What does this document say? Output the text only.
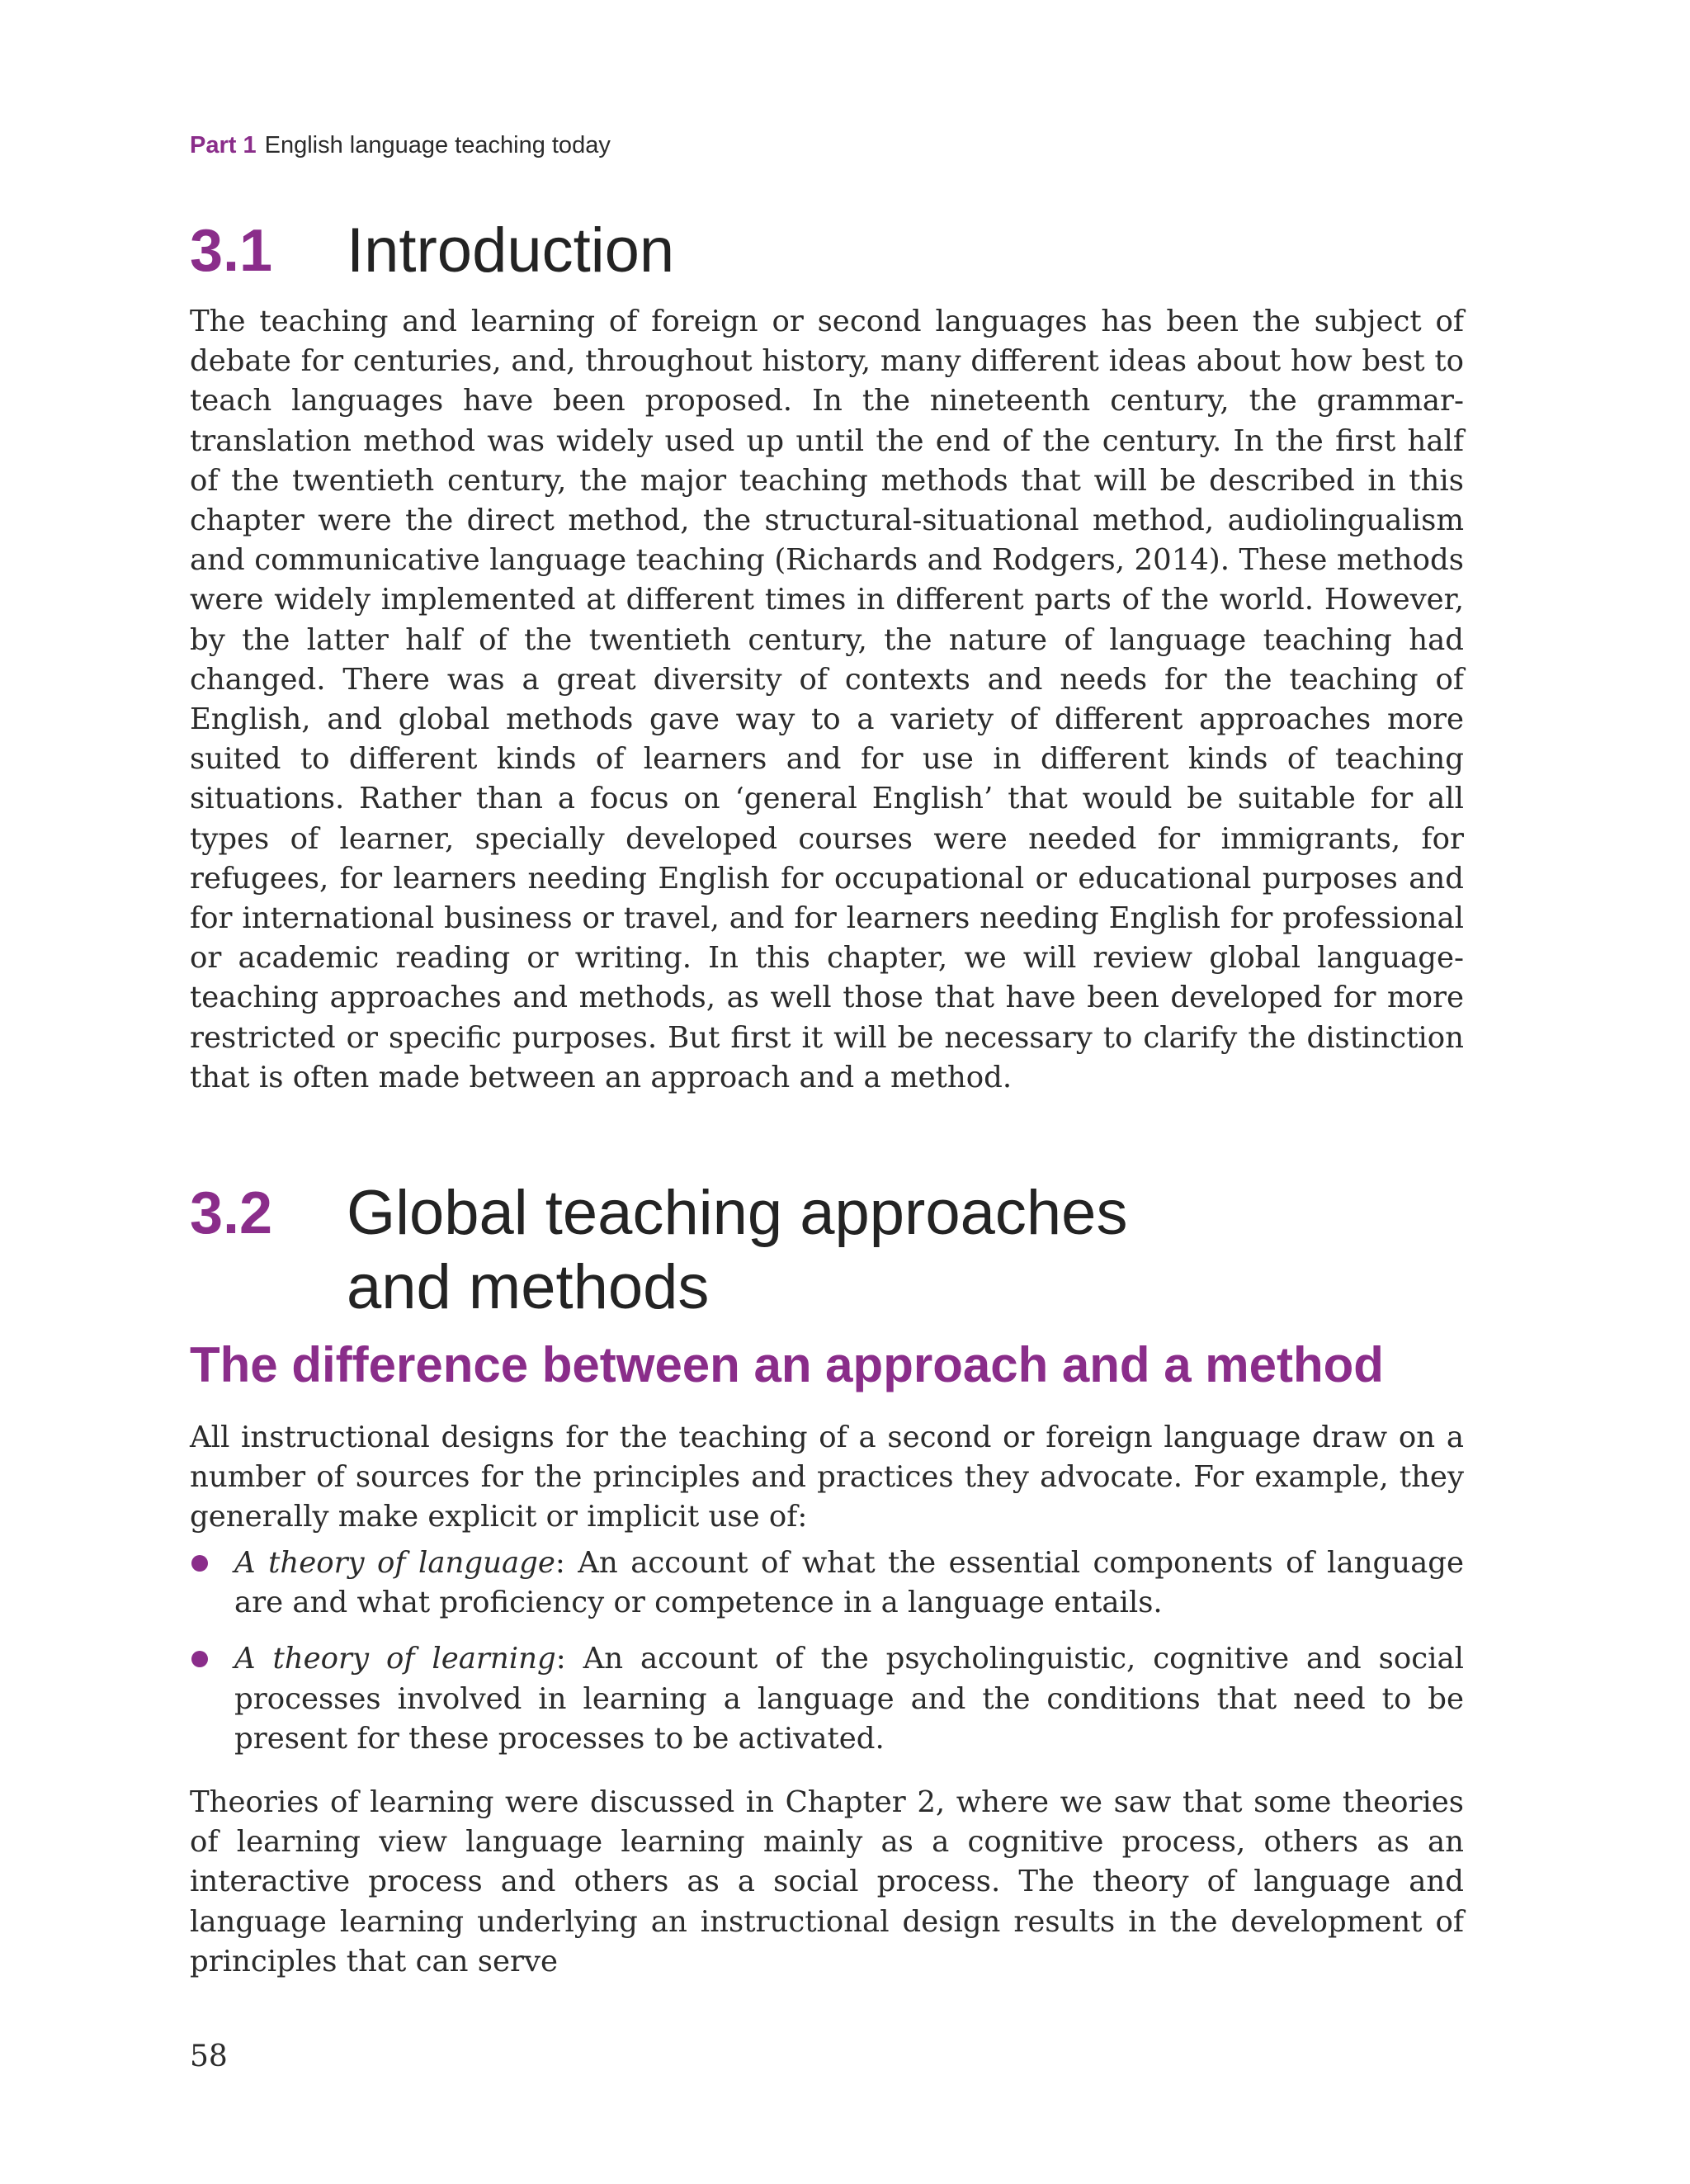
Part 1 English language teaching today
3.1 Introduction

The teaching and learning of foreign or second languages has been the subject of debate for centuries, and, throughout history, many different ideas about how best to teach languages have been proposed. In the nineteenth century, the grammar-translation method was widely used up until the end of the century. In the first half of the twentieth century, the major teaching methods that will be described in this chapter were the direct method, the structural-situational method, audiolingualism and communicative language teaching (Richards and Rodgers, 2014). These methods were widely implemented at different times in different parts of the world. However, by the latter half of the twentieth century, the nature of language teaching had changed. There was a great diversity of contexts and needs for the teaching of English, and global methods gave way to a variety of different approaches more suited to different kinds of learners and for use in different kinds of teaching situations. Rather than a focus on ‘general English’ that would be suitable for all types of learner, specially developed courses were needed for immigrants, for refugees, for learners needing English for occupational or educational purposes and for international business or travel, and for learners needing English for professional or academic reading or writing. In this chapter, we will review global language-teaching approaches and methods, as well those that have been developed for more restricted or specific purposes. But first it will be necessary to clarify the distinction that is often made between an approach and a method.

3.2 Global teaching approaches
and methods
The difference between an approach and a method

All instructional designs for the teaching of a second or foreign language draw on a number of sources for the principles and practices they advocate. For example, they generally make explicit or implicit use of:

A theory of language: An account of what the essential components of language are and what proficiency or competence in a language entails.
A theory of learning: An account of the psycholinguistic, cognitive and social processes involved in learning a language and the conditions that need to be present for these processes to be activated.

Theories of learning were discussed in Chapter 2, where we saw that some theories of learning view language learning mainly as a cognitive process, others as an interactive process and others as a social process. The theory of language and language learning underlying an instructional design results in the development of principles that can serve

58
